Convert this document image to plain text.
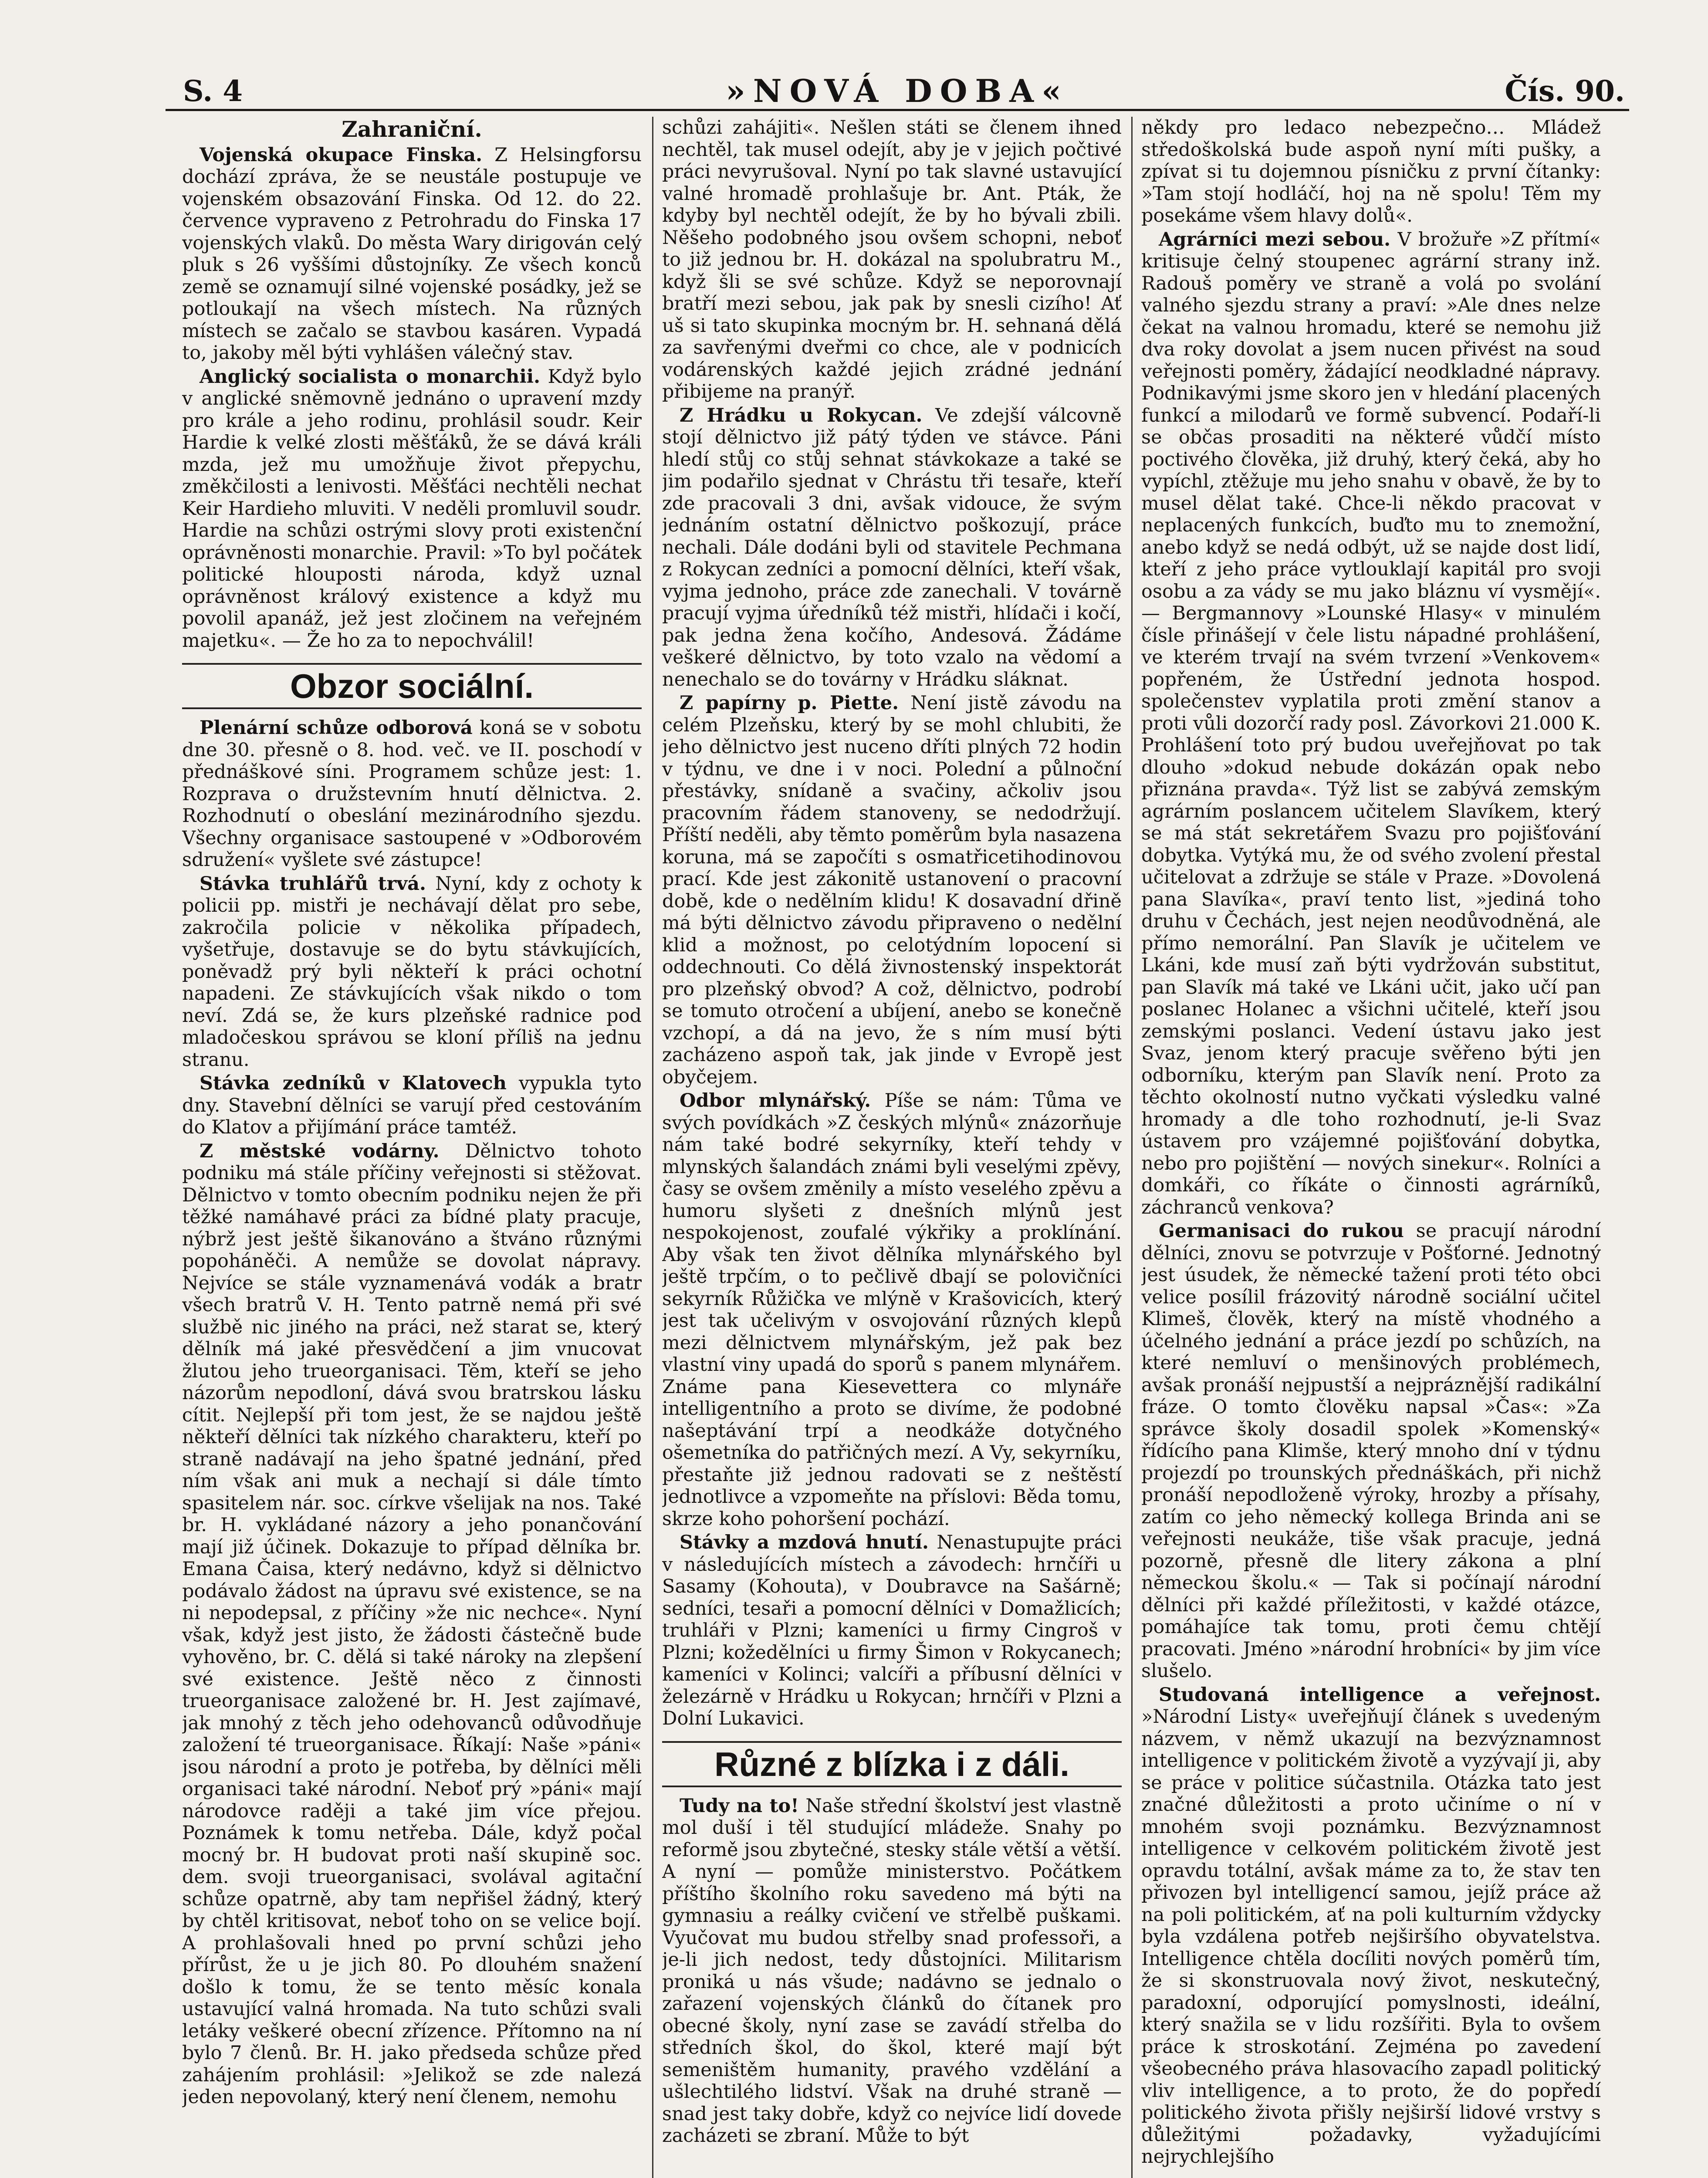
S. 4	»NOVÁ DOBA«	Čís. 90.
Zahraniční.

Vojenská okupace Finska. Z Helsingforsu dochází zpráva, že se neustále postupuje ve vojenském obsazování Finska. Od 12. do 22. července vypraveno z Petrohradu do Finska 17 vojenských vlaků. Do města Wary dirigován celý pluk s 26 vyššími důstojníky. Ze všech konců země se oznamují silné vojenské posádky, jež se potloukají na všech místech. Na různých místech se začalo se stavbou kasáren. Vypadá to, jakoby měl býti vyhlášen válečný stav.

Anglický socialista o monarchii. Když bylo v anglické sněmovně jednáno o upravení mzdy pro krále a jeho rodinu, prohlásil soudr. Keir Hardie k velké zlosti měšťáků, že se dává králi mzda, jež mu umožňuje život přepychu, změkčilosti a lenivosti. Měšťáci nechtěli nechat Keir Hardieho mluviti. V neděli promluvil soudr. Hardie na schůzi ostrými slovy proti existenční oprávněnosti monarchie. Pravil: »To byl počátek politické hlouposti národa, když uznal oprávněnost králový existence a když mu povolil apanáž, jež jest zločinem na veřejném majetku«. — Že ho za to nepochválil!

Obzor sociální.

Plenární schůze odborová koná se v sobotu dne 30. přesně o 8. hod. več. ve II. poschodí v přednáškové síni. Programem schůze jest: 1. Rozprava o družstevním hnutí dělnictva. 2. Rozhodnutí o obeslání mezinárodního sjezdu. Všechny organisace sastoupené v »Odborovém sdružení« vyšlete své zástupce!

Stávka truhlářů trvá. Nyní, kdy z ochoty k policii pp. mistři je nechávají dělat pro sebe, zakročila policie v několika případech, vyšetřuje, dostavuje se do bytu stávkujících, poněvadž prý byli někteří k práci ochotní napadeni. Ze stávkujících však nikdo o tom neví. Zdá se, že kurs plzeňské radnice pod mladočeskou správou se kloní příliš na jednu stranu.

Stávka zedníků v Klatovech vypukla tyto dny. Stavební dělníci se varují před cestováním do Klatov a přijímání práce tamtéž.

Z městské vodárny. Dělnictvo tohoto podniku má stále příčiny veřejnosti si stěžovat. Dělnictvo v tomto obecním podniku nejen že při těžké namáhavé práci za bídné platy pracuje, nýbrž jest ještě šikanováno a štváno různými popoháněči. A nemůže se dovolat nápravy. Nejvíce se stále vyznamenává vodák a bratr všech bratrů V. H. Tento patrně nemá při své službě nic jiného na práci, než starat se, který dělník má jaké přesvědčení a jim vnucovat žlutou jeho trueorganisaci. Těm, kteří se jeho názorům nepodloní, dává svou bratrskou lásku cítit. Nejlepší při tom jest, že se najdou ještě někteří dělníci tak nízkého charakteru, kteří po straně nadávají na jeho špatné jednání, před ním však ani muk a nechají si dále tímto spasitelem nár. soc. církve všelijak na nos. Také br. H. vykládané názory a jeho ponančování mají již účinek. Dokazuje to případ dělníka br. Emana Čaisa, který nedávno, když si dělnictvo podávalo žádost na úpravu své existence, se na ni nepodepsal, z příčiny »že nic nechce«. Nyní však, když jest jisto, že žádosti částečně bude vyhověno, br. C. dělá si také nároky na zlepšení své existence. Ještě něco z činnosti trueorganisace založené br. H. Jest zajímavé, jak mnohý z těch jeho odehovanců odůvodňuje založení té trueorganisace. Říkají: Naše »páni« jsou národní a proto je potřeba, by dělníci měli organisaci také národní. Neboť prý »páni« mají národovce raději a také jim více přejou. Poznámek k tomu netřeba. Dále, když počal mocný br. H budovat proti naší skupině soc. dem. svoji trueorganisaci, svolával agitační schůze opatrně, aby tam nepřišel žádný, který by chtěl kritisovat, neboť toho on se velice bojí. A prohlašovali hned po první schůzi jeho přírůst, že u je jich 80. Po dlouhém snažení došlo k tomu, že se tento měsíc konala ustavující valná hromada. Na tuto schůzi svali letáky veškeré obecní zřízence. Přítomno na ní bylo 7 členů. Br. H. jako předseda schůze před zahájením prohlásil: »Jelikož se zde nalezá jeden nepovolaný, který není členem, nemohu

schůzi zahájiti«. Nešlen státi se členem ihned nechtěl, tak musel odejít, aby je v jejich počtivé práci nevyrušoval. Nyní po tak slavné ustavující valné hromadě prohlašuje br. Ant. Pták, že kdyby byl nechtěl odejít, že by ho bývali zbili. Něšeho podobného jsou ovšem schopni, neboť to již jednou br. H. dokázal na spolubratru M., když šli se své schůze. Když se neporovnají bratří mezi sebou, jak pak by snesli cizího! Ať uš si tato skupinka mocným br. H. sehnaná dělá za savřenými dveřmi co chce, ale v podnicích vodárenských každé jejich zrádné jednání přibijeme na pranýř.

Z Hrádku u Rokycan. Ve zdejší válcovně stojí dělnictvo již pátý týden ve stávce. Páni hledí stůj co stůj sehnat stávkokaze a také se jim podařilo sjednat v Chrástu tři tesaře, kteří zde pracovali 3 dni, avšak vidouce, že svým jednáním ostatní dělnictvo poškozují, práce nechali. Dále dodáni byli od stavitele Pechmana z Rokycan zedníci a pomocní dělníci, kteří však, vyjma jednoho, práce zde zanechali. V továrně pracují vyjma úředníků též mistři, hlídači i kočí, pak jedna žena kočího, Andesová. Žádáme veškeré dělnictvo, by toto vzalo na vědomí a nenechalo se do továrny v Hrádku sláknat.

Z papírny p. Piette. Není jistě závodu na celém Plzeňsku, který by se mohl chlubiti, že jeho dělnictvo jest nuceno dříti plných 72 hodin v týdnu, ve dne i v noci. Polední a půlnoční přestávky, snídaně a svačiny, ačkoliv jsou pracovním řádem stanoveny, se nedodržují. Příští neděli, aby těmto poměrům byla nasazena koruna, má se započíti s osmatřicetihodinovou prací. Kde jest zákonitě ustanovení o pracovní době, kde o nedělním klidu! K dosavadní dřině má býti dělnictvo závodu připraveno o nedělní klid a možnost, po celotýdním lopocení si oddechnouti. Co dělá živnostenský inspektorát pro plzeňský obvod? A což, dělnictvo, podrobí se tomuto otročení a ubíjení, anebo se konečně vzchopí, a dá na jevo, že s ním musí býti zacházeno aspoň tak, jak jinde v Evropě jest obyčejem.

Odbor mlynářský. Píše se nám: Tůma ve svých povídkách »Z českých mlýnů« znázorňuje nám také bodré sekyrníky, kteří tehdy v mlynských šalandách známi byli veselými zpěvy, časy se ovšem změnily a místo veselého zpěvu a humoru slyšeti z dnešních mlýnů jest nespokojenost, zoufalé výkřiky a proklínání. Aby však ten život dělníka mlynářského byl ještě trpčím, o to pečlivě dbají se polovičníci sekyrník Růžička ve mlýně v Krašovicích, který jest tak učelivým v osvojování různých klepů mezi dělnictvem mlynářským, jež pak bez vlastní viny upadá do sporů s panem mlynářem. Známe pana Kiesevettera co mlynáře intelligentního a proto se divíme, že podobné našeptávání trpí a neodkáže dotyčného ošemetníka do patřičných mezí. A Vy, sekyrníku, přestaňte již jednou radovati se z neštěstí jednotlivce a vzpomeňte na příslovi: Běda tomu, skrze koho pohoršení pochází.

Stávky a mzdová hnutí. Nenastupujte práci v následujících místech a závodech: hrnčíři u Sasamy (Kohouta), v Doubravce na Sašárně; sedníci, tesaři a pomocní dělníci v Domažlicích; truhláři v Plzni; kameníci u firmy Cingroš v Plzni; kožedělníci u firmy Šimon v Rokycanech; kameníci v Kolinci; valcíři a příbusní dělníci v železárně v Hrádku u Rokycan; hrnčíři v Plzni a Dolní Lukavici.

Různé z blízka i z dáli.

Tudy na to! Naše střední školství jest vlastně mol duší i těl studující mládeže. Snahy po reformě jsou zbytečné, stesky stále větší a větší. A nyní — pomůže ministerstvo. Počátkem příštího školního roku savedeno má býti na gymnasiu a reálky cvičení ve střelbě puškami. Vyučovat mu budou střelby snad professoři, a je-li jich nedost, tedy důstojníci. Militarism proniká u nás všude; nadávno se jednalo o zařazení vojenských článků do čítanek pro obecné školy, nyní zase se zavádí střelba do středních škol, do škol, které mají být semeništěm humanity, pravého vzdělání a ušlechtilého lidství. Však na druhé straně — snad jest taky dobře, když co nejvíce lidí dovede zacházeti se zbraní. Může to být

někdy pro ledaco nebezpečno… Mládež středoškolská bude aspoň nyní míti pušky, a zpívat si tu dojemnou písničku z první čítanky: »Tam stojí hodláčí, hoj na ně spolu! Těm my posekáme všem hlavy dolů«.

Agrárníci mezi sebou. V brožuře »Z přítmí« kritisuje čelný stoupenec agrární strany inž. Radouš poměry ve straně a volá po svolání valného sjezdu strany a praví: »Ale dnes nelze čekat na valnou hromadu, které se nemohu již dva roky dovolat a jsem nucen přivést na soud veřejnosti poměry, žádající neodkladné nápravy. Podnikavými jsme skoro jen v hledání placených funkcí a milodarů ve formě subvencí. Podaří-li se občas prosaditi na některé vůdčí místo poctivého člověka, již druhý, který čeká, aby ho vypíchl, ztěžuje mu jeho snahu v obavě, že by to musel dělat také. Chce-li někdo pracovat v neplacených funkcích, buďto mu to znemožní, anebo když se nedá odbýt, už se najde dost lidí, kteří z jeho práce vytlouklají kapitál pro svoji osobu a za vády se mu jako bláznu ví vysmějí«. — Bergmannovy »Lounské Hlasy« v minulém čísle přinášejí v čele listu nápadné prohlášení, ve kterém trvají na svém tvrzení »Venkovem« popřeném, že Ústřední jednota hospod. společenstev vyplatila proti změní stanov a proti vůli dozorčí rady posl. Závorkovi 21.000 K. Prohlášení toto prý budou uveřejňovat po tak dlouho »dokud nebude dokázán opak nebo přiznána pravda«. Týž list se zabývá zemským agrárním poslancem učitelem Slavíkem, který se má stát sekretářem Svazu pro pojišťování dobytka. Vytýká mu, že od svého zvolení přestal učitelovat a zdržuje se stále v Praze. »Dovolená pana Slavíka«, praví tento list, »jediná toho druhu v Čechách, jest nejen neodůvodněná, ale přímo nemorální. Pan Slavík je učitelem ve Lkáni, kde musí zaň býti vydržován substitut, pan Slavík má také ve Lkáni učit, jako učí pan poslanec Holanec a všichni učitelé, kteří jsou zemskými poslanci. Vedení ústavu jako jest Svaz, jenom který pracuje svěřeno býti jen odborníku, kterým pan Slavík není. Proto za těchto okolností nutno vyčkati výsledku valné hromady a dle toho rozhodnutí, je-li Svaz ústavem pro vzájemné pojišťování dobytka, nebo pro pojištění — nových sinekur«. Rolníci a domkáři, co říkáte o činnosti agrárníků, záchranců venkova?

Germanisaci do rukou se pracují národní dělníci, znovu se potvrzuje v Pošťorné. Jednotný jest úsudek, že německé tažení proti této obci velice posílil frázovitý národně sociální učitel Klimeš, člověk, který na místě vhodného a účelného jednání a práce jezdí po schůzích, na které nemluví o menšinových problémech, avšak pronáší nejpustší a nejpráznější radikální fráze. O tomto člověku napsal »Čas«: »Za správce školy dosadil spolek »Komenský« řídícího pana Klimše, který mnoho dní v týdnu projezdí po trounských přednáškách, při nichž pronáší nepodloženě výroky, hrozby a přísahy, zatím co jeho německý kollega Brinda ani se veřejnosti neukáže, tiše však pracuje, jedná pozorně, přesně dle litery zákona a plní německou školu.« — Tak si počínají národní dělníci při každé příležitosti, v každé otázce, pomáhajíce tak tomu, proti čemu chtějí pracovati. Jméno »národní hrobníci« by jim více slušelo.

Studovaná intelligence a veřejnost. »Národní Listy« uveřejňují článek s uvedeným názvem, v němž ukazují na bezvýznamnost intelligence v politickém životě a vyzývají ji, aby se práce v politice súčastnila. Otázka tato jest značné důležitosti a proto učiníme o ní v mnohém svoji poznámku. Bezvýznamnost intelligence v celkovém politickém životě jest opravdu totální, avšak máme za to, že stav ten přivozen byl intelligencí samou, jejíž práce až na poli politickém, ať na poli kulturním vždycky byla vzdálena potřeb nejširšího obyvatelstva. Intelligence chtěla docíliti nových poměrů tím, že si skonstruovala nový život, neskutečný, paradoxní, odporující pomyslnosti, ideální, který snažila se v lidu rozšířiti. Byla to ovšem práce k stroskotání. Zejména po zavedení všeobecného práva hlasovacího zapadl politický vliv intelligence, a to proto, že do popředí politického života přišly nejširší lidové vrstvy s důležitými požadavky, vyžadujícími nejrychlejšího
